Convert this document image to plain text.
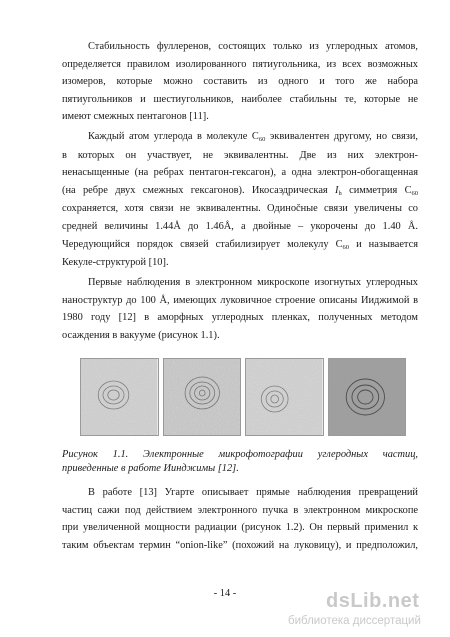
Стабильность фуллеренов, состоящих только из углеродных атомов,
определяется правилом изолированного пятиугольника, из всех возможных
изомеров, которые можно составить из одного и того же набора
пятиугольников и шестиугольников, наиболее стабильны те, которые не
имеют смежных пентагонов [11].

Каждый атом углерода в молекуле $С_{60}$ эквивалентен другому, но связи,
в которых он участвует, не эквивалентны. Две из них электрон-
ненасыщенные (на ребрах пентагон-гексагон), а одна электрон-обогащенная
(на ребре двух смежных гексагонов). Икосаэдрическая $I_h$ симметрия $С_{60}$
сохраняется, хотя связи не эквивалентны. Одинočные связи увеличены со
средней величины 1.44Å до 1.46Å, а двойные – укорочены до 1.40 Å.
Чередующийся порядок связей стабилизирует молекулу $С_{60}$ и называется
Кекуле-структурой [10].

Первые наблюдения в электронном микроскопе изогнутых углеродных
наноструктур до 100 Å, имеющих луковичное строение описаны Ииджимой в
1980 году [12] в аморфных углеродных пленках, полученных методом
осаждения в вакууме (рисунок 1.1).

Рисунок 1.1. Электронные микрофотографии углеродных частиц,
приведенные в работе Иинджимы [12].

В работе [13] Угарте описывает прямые наблюдения превращений
частиц сажи под действием электронного пучка в электронном микроскопе
при увеличенной мощности радиации (рисунок 1.2). Он первый применил к
таким объектам термин “onion-like” (похожий на луковицу), и предположил,

- 14 -	dsLib.net
библиотека диссертаций
